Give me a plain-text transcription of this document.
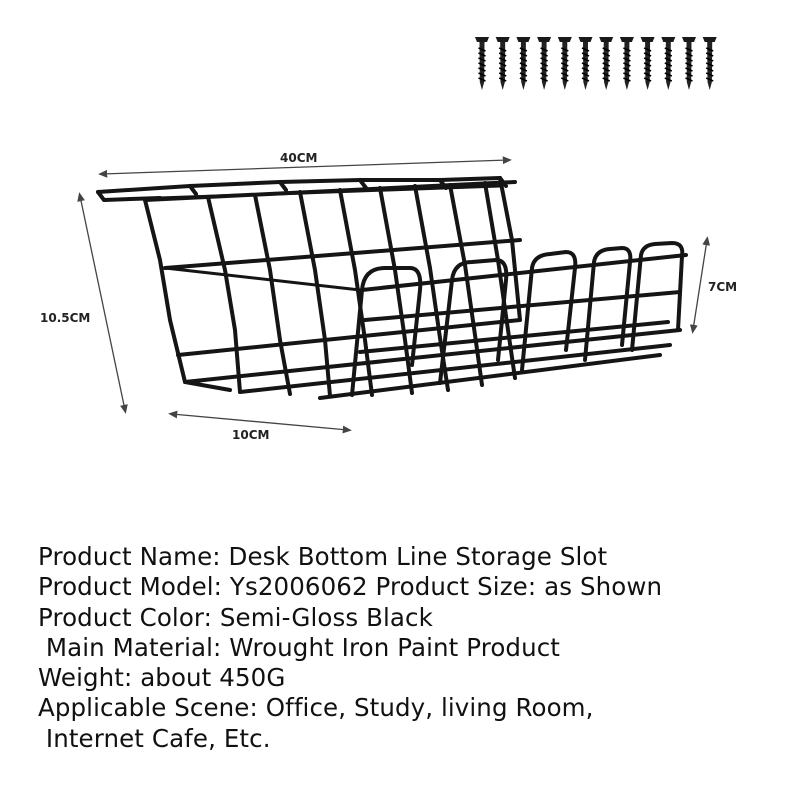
40CM
10.5CM
10CM
7CM
Product Name: Desk Bottom Line Storage Slot
Product Model: Ys2006062 Product Size: as Shown
Product Color: Semi-Gloss Black
Main Material: Wrought Iron Paint Product
Weight: about 450G
Applicable Scene: Office, Study, living Room,
Internet Cafe, Etc.
